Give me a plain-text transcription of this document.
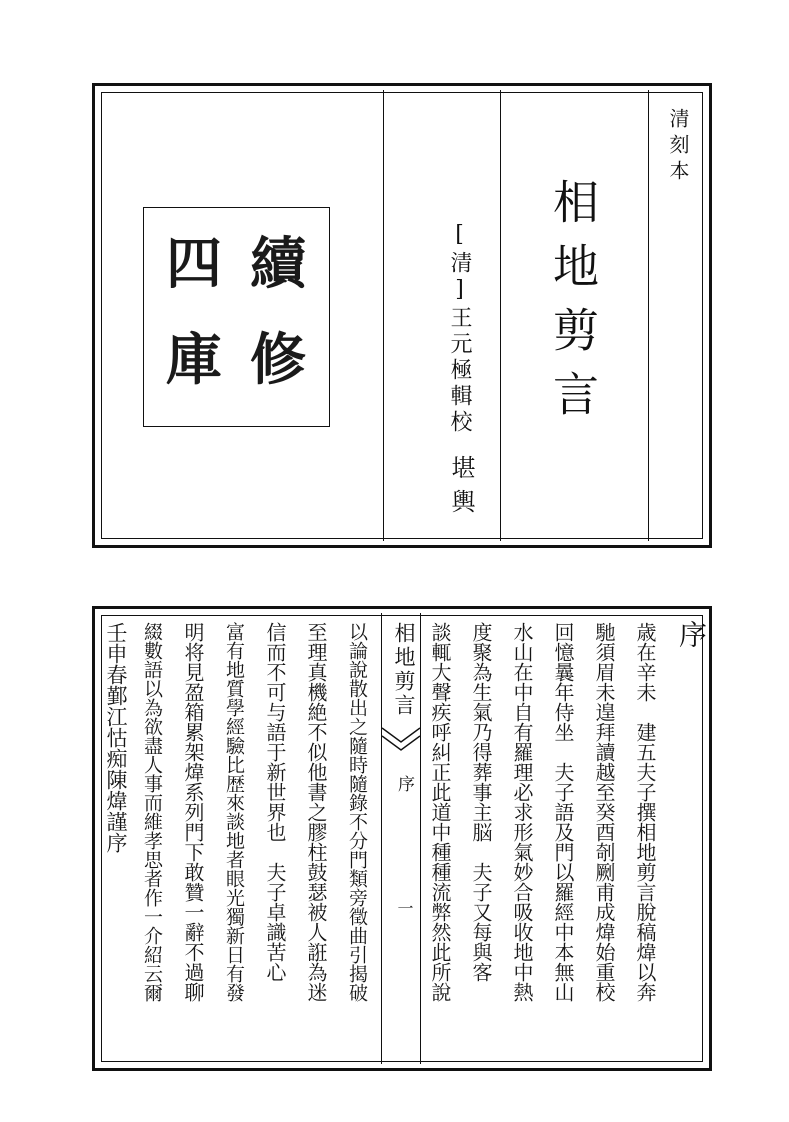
續
修
四
庫	[清]王元極輯校
堪輿
相地剪言
清刻本
相地剪言
序
一
序
歳在辛未　建五夫子撰相地剪言脫稿煒以奔
馳須眉未遑拜讀越至癸酉剞劂甫成煒始重校
回憶曩年侍坐　夫子語及門以羅經中本無山
水山在中自有羅理必求形氣妙合吸收地中熱
度聚為生氣乃得葬事主脳　夫子又每與客
談輒大聲疾呼糾正此道中種種流弊然此所說
以論說散出之隨時隨錄不分門類旁徵曲引揭破
至理真機絶不似他書之膠柱鼓瑟被人誑為迷
信而不可与語于新世界也　夫子卓識苦心
富有地質學經驗比歴來談地者眼光獨新日有發
明将見盈箱累架煒系列門下敢贊一辭不過聊
綴數語以為欲盡人事而維孝思者作一介紹云爾
壬申春鄞江怙痴陳煒謹序
